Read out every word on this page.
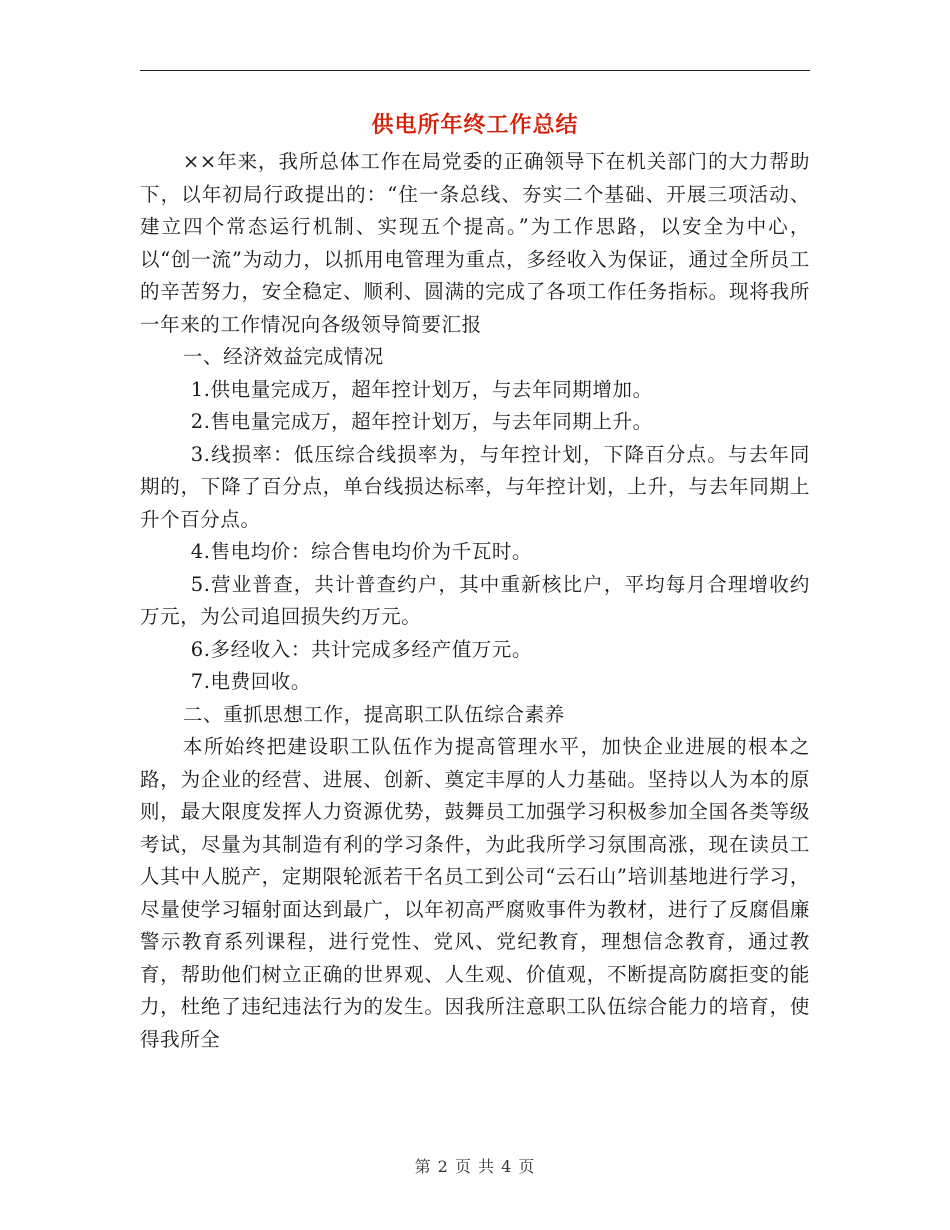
供电所年终工作总结

××年来，我所总体工作在局党委的正确领导下在机关部门的大力帮助下，以年初局行政提出的：“住一条总线、夯实二个基础、开展三项活动、建立四个常态运行机制、实现五个提高。”为工作思路，以安全为中心，以“创一流”为动力，以抓用电管理为重点，多经收入为保证，通过全所员工的辛苦努力，安全稳定、顺利、圆满的完成了各项工作任务指标。现将我所一年来的工作情况向各级领导简要汇报

一、经济效益完成情况

1.供电量完成万，超年控计划万，与去年同期增加。

2.售电量完成万，超年控计划万，与去年同期上升。

3.线损率：低压综合线损率为，与年控计划，下降百分点。与去年同期的，下降了百分点，单台线损达标率，与年控计划，上升，与去年同期上升个百分点。

4.售电均价：综合售电均价为千瓦时。

5.营业普查，共计普查约户，其中重新核比户，平均每月合理增收约万元，为公司追回损失约万元。

6.多经收入：共计完成多经产值万元。

7.电费回收。

二、重抓思想工作，提高职工队伍综合素养

本所始终把建设职工队伍作为提高管理水平，加快企业进展的根本之路，为企业的经营、进展、创新、奠定丰厚的人力基础。坚持以人为本的原则，最大限度发挥人力资源优势，鼓舞员工加强学习积极参加全国各类等级考试，尽量为其制造有利的学习条件，为此我所学习氛围高涨，现在读员工人其中人脱产，定期限轮派若干名员工到公司“云石山”培训基地进行学习，尽量使学习辐射面达到最广，以年初高严腐败事件为教材，进行了反腐倡廉警示教育系列课程，进行党性、党风、党纪教育，理想信念教育，通过教育，帮助他们树立正确的世界观、人生观、价值观，不断提高防腐拒变的能力，杜绝了违纪违法行为的发生。因我所注意职工队伍综合能力的培育，使得我所全

第 2 页 共 4 页
